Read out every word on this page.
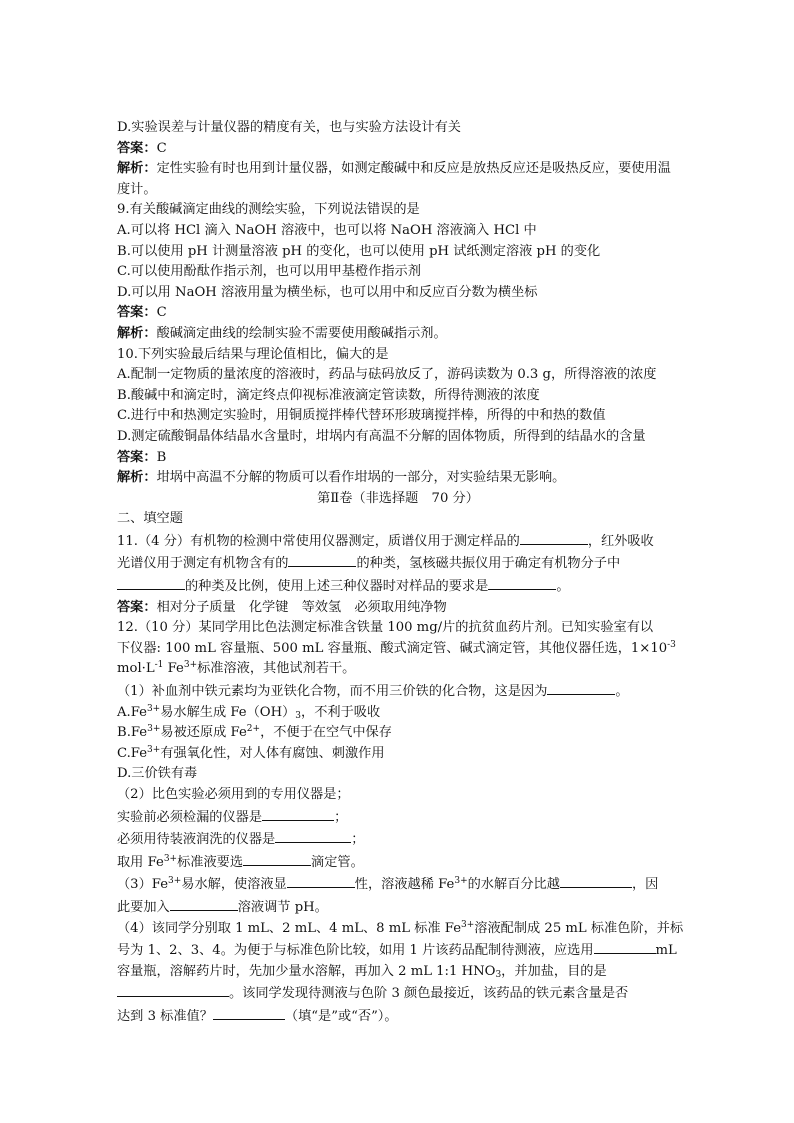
D.实验误差与计量仪器的精度有关，也与实验方法设计有关
答案：C
解析：定性实验有时也用到计量仪器，如测定酸碱中和反应是放热反应还是吸热反应，要使用温度计。
9.有关酸碱滴定曲线的测绘实验，下列说法错误的是
A.可以将 HCl 滴入 NaOH 溶液中，也可以将 NaOH 溶液滴入 HCl 中
B.可以使用 pH 计测量溶液 pH 的变化，也可以使用 pH 试纸测定溶液 pH 的变化
C.可以使用酚酞作指示剂，也可以用甲基橙作指示剂
D.可以用 NaOH 溶液用量为横坐标，也可以用中和反应百分数为横坐标
答案：C
解析：酸碱滴定曲线的绘制实验不需要使用酸碱指示剂。
10.下列实验最后结果与理论值相比，偏大的是
A.配制一定物质的量浓度的溶液时，药品与砝码放反了，游码读数为 0.3 g，所得溶液的浓度
B.酸碱中和滴定时，滴定终点仰视标准液滴定管读数，所得待测液的浓度
C.进行中和热测定实验时，用铜质搅拌棒代替环形玻璃搅拌棒，所得的中和热的数值
D.测定硫酸铜晶体结晶水含量时，坩埚内有高温不分解的固体物质，所得到的结晶水的含量
答案：B
解析：坩埚中高温不分解的物质可以看作坩埚的一部分，对实验结果无影响。
第Ⅱ卷（非选择题　70 分）
二、填空题
11.（4 分）有机物的检测中常使用仪器测定，质谱仪用于测定样品的	，红外吸收
光谱仪用于测定有机物含有的	的种类，氢核磁共振仪用于确定有机物分子中
的种类及比例，使用上述三种仪器时对样品的要求是	。
答案：相对分子质量　化学键　等效氢　必须取用纯净物
12.（10 分）某同学用比色法测定标准含铁量 100 mg/片的抗贫血药片剂。已知实验室有以
下仪器: 100 mL 容量瓶、500 mL 容量瓶、酸式滴定管、碱式滴定管，其他仪器任选，$1\times 10^{-3}$
$mol\cdot L^{-1}$ $Fe^{3+}$标准溶液，其他试剂若干。
（1）补血剂中铁元素均为亚铁化合物，而不用三价铁的化合物，这是因为	。
$A.Fe^{3+}$易水解生成 $Fe(OH)_3$，不利于吸收
$B.Fe^{3+}$易被还原成 $Fe^{2+}$，不便于在空气中保存
$C.Fe^{3+}$有强氧化性，对人体有腐蚀、刺激作用
D.三价铁有毒
（2）比色实验必须用到的专用仪器是；
实验前必须检漏的仪器是	；
必须用待装液润洗的仪器是	；
取用 $Fe^{3+}$标准液要选	滴定管。
$(3)Fe^{3+}$易水解，使溶液显	性，溶液越稀 $Fe^{3+}$的水解百分比越	，因
此要加入	溶液调节 pH。
（4）该同学分别取 1 mL、2 mL、4 mL、8 mL 标准 $Fe^{3+}$溶液配制成 25 mL 标准色阶，并标
号为 1、2、3、4。为便于与标准色阶比较，如用 1 片该药品配制待测液，应选用	mL
容量瓶，溶解药片时，先加少量水溶解，再加入 2 mL 1:1 $HNO_3$，并加盐，目的是
。该同学发现待测液与色阶 3 颜色最接近，该药品的铁元素含量是否
达到 3 标准值？	（填“是”或“否”）。
